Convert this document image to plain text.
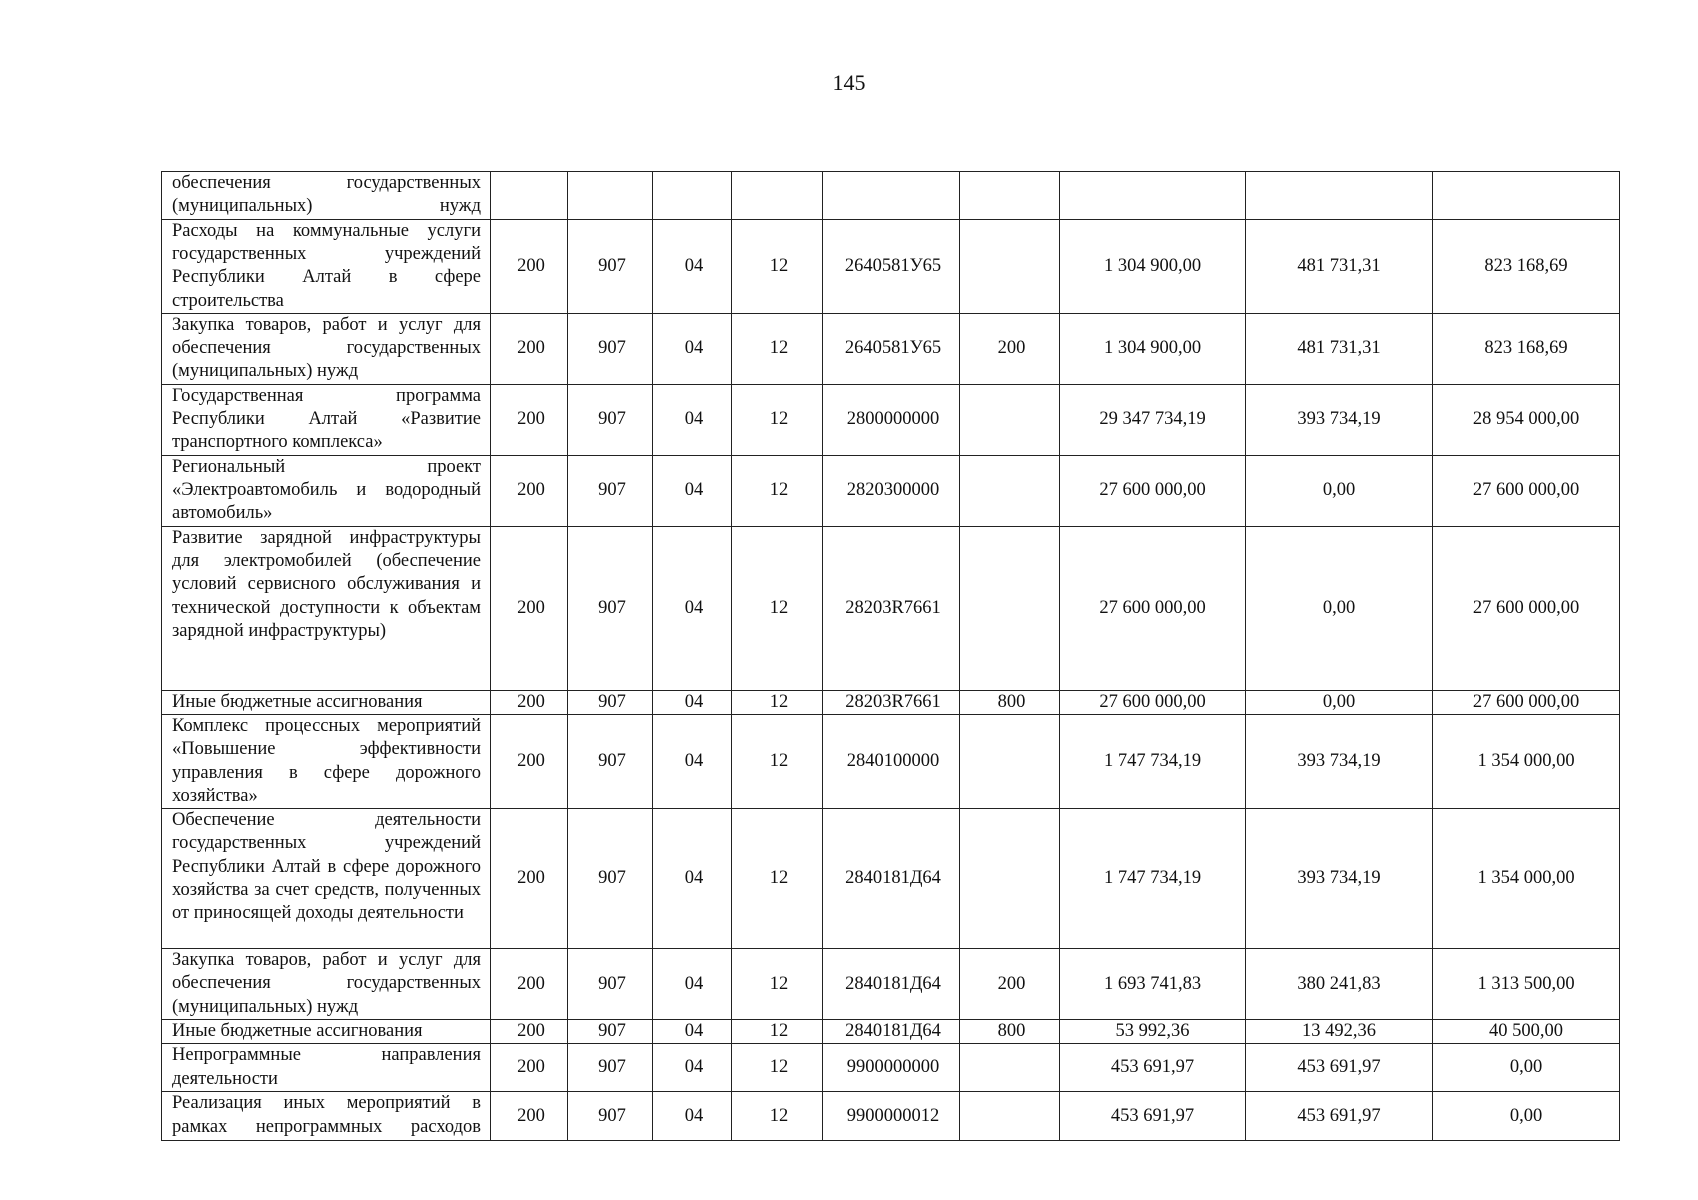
145
обеспечения государственных (муниципальных) нужд									
Расходы на коммунальные услуги государственных учреждений Республики Алтай в сфере строительства	200	907	04	12	2640581У65		1 304 900,00	481 731,31	823 168,69
Закупка товаров, работ и услуг для обеспечения государственных (муниципальных) нужд	200	907	04	12	2640581У65	200	1 304 900,00	481 731,31	823 168,69
Государственная программа Республики Алтай «Развитие транспортного комплекса»	200	907	04	12	2800000000		29 347 734,19	393 734,19	28 954 000,00
Региональный проект «Электроавтомобиль и водородный автомобиль»	200	907	04	12	2820300000		27 600 000,00	0,00	27 600 000,00
Развитие зарядной инфраструктуры для электромобилей (обеспечение условий сервисного обслуживания и технической доступности к объектам зарядной инфраструктуры)	200	907	04	12	28203R7661		27 600 000,00	0,00	27 600 000,00
Иные бюджетные ассигнования	200	907	04	12	28203R7661	800	27 600 000,00	0,00	27 600 000,00
Комплекс процессных мероприятий «Повышение эффективности управления в сфере дорожного хозяйства»	200	907	04	12	2840100000		1 747 734,19	393 734,19	1 354 000,00
Обеспечение деятельности государственных учреждений Республики Алтай в сфере дорожного хозяйства за счет средств, полученных от приносящей доходы деятельности	200	907	04	12	2840181Д64		1 747 734,19	393 734,19	1 354 000,00
Закупка товаров, работ и услуг для обеспечения государственных (муниципальных) нужд	200	907	04	12	2840181Д64	200	1 693 741,83	380 241,83	1 313 500,00
Иные бюджетные ассигнования	200	907	04	12	2840181Д64	800	53 992,36	13 492,36	40 500,00
Непрограммные направления деятельности	200	907	04	12	9900000000		453 691,97	453 691,97	0,00

Реализация иных мероприятий в рамках непрограммных расходов	200	907	04	12	9900000012		453 691,97	453 691,97	0,00
